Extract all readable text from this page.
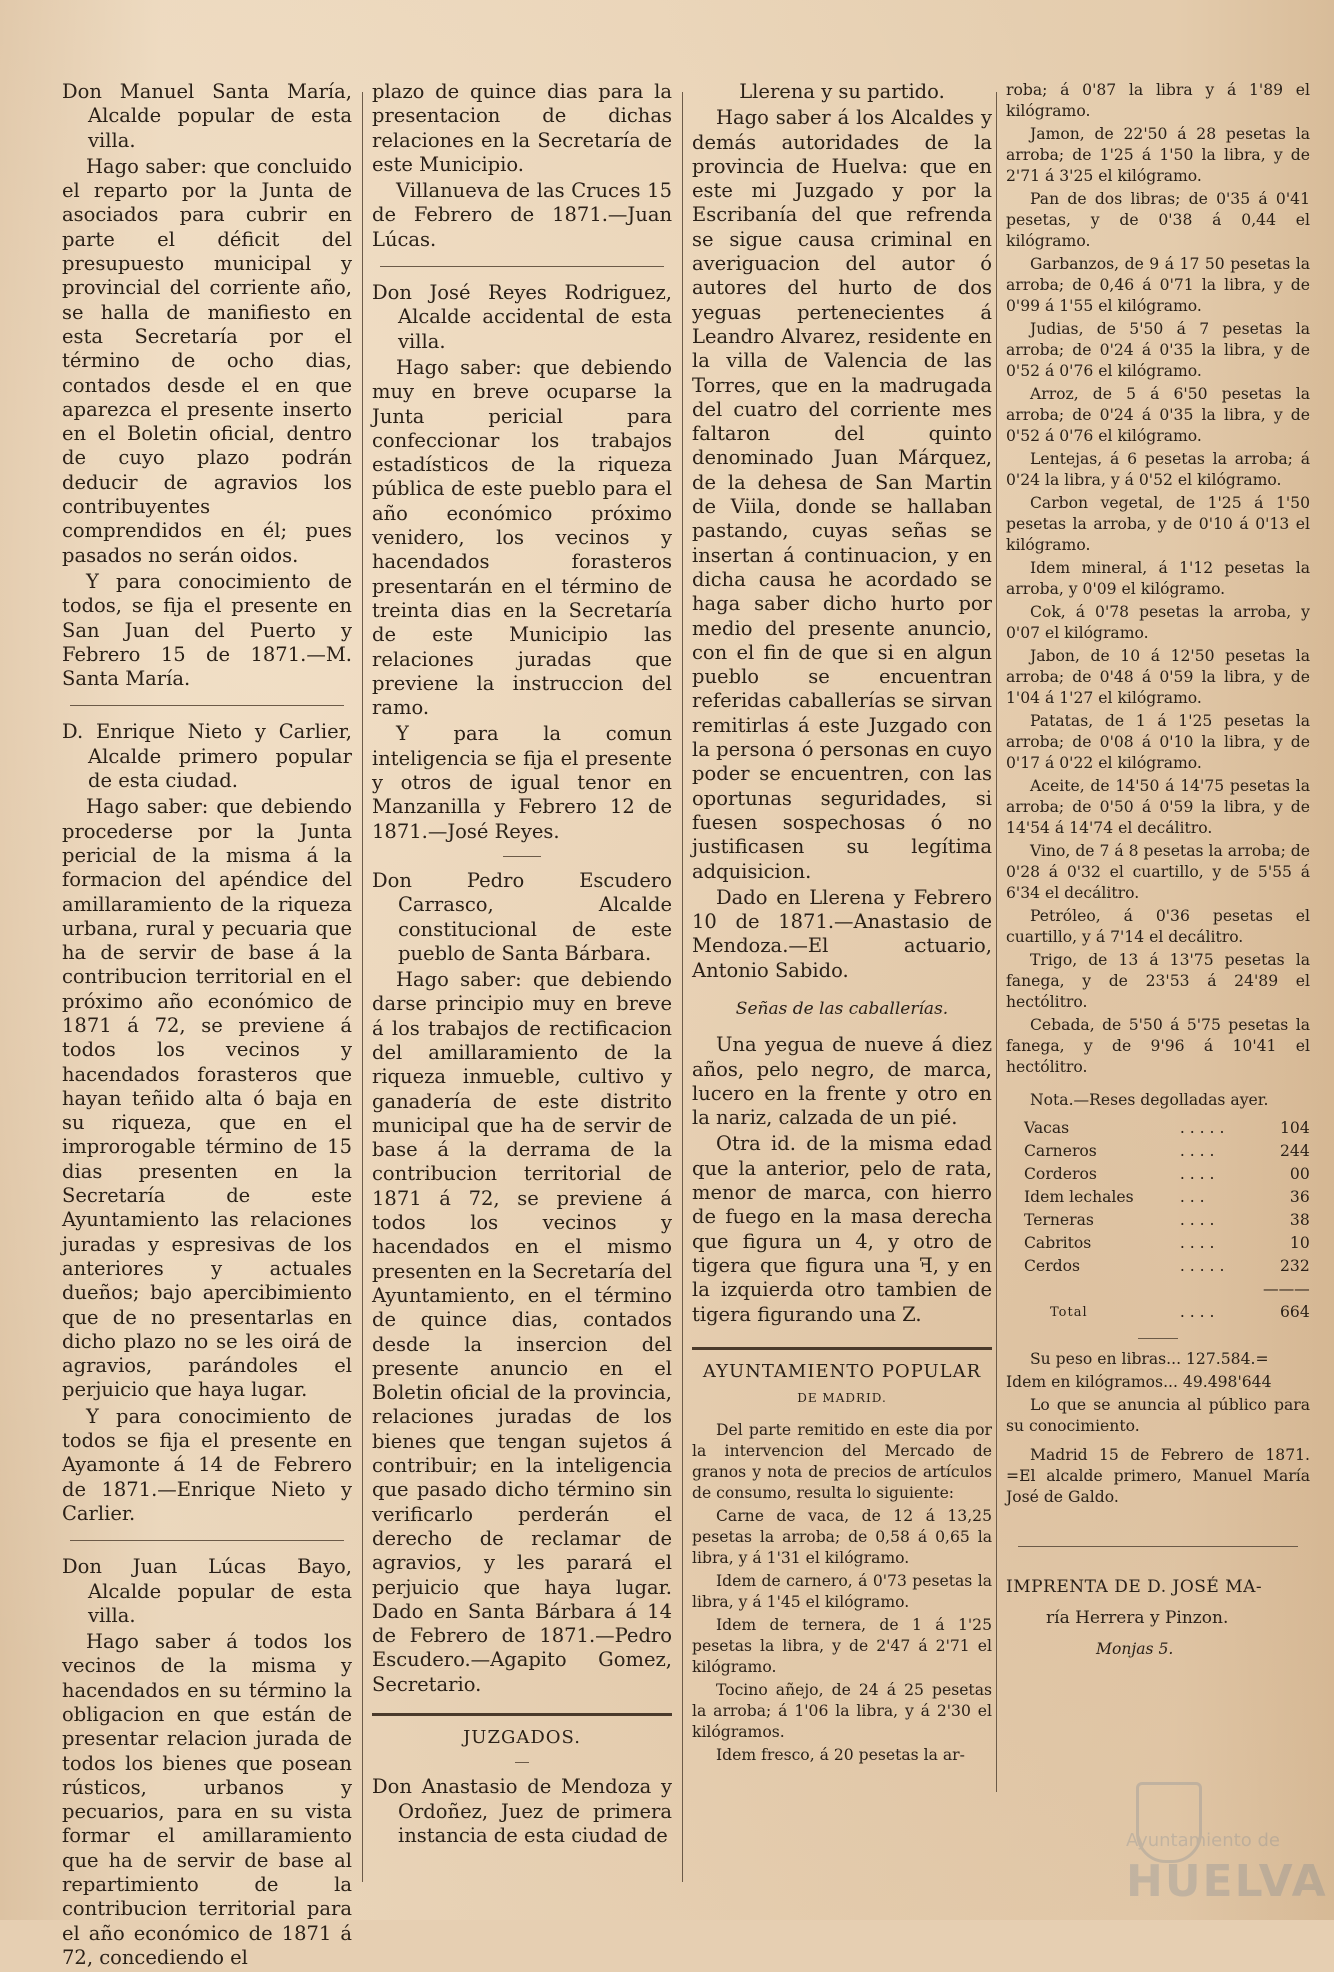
Don Manuel Santa María, Alcalde popular de esta villa.

Hago saber: que concluido el reparto por la Junta de asociados para cubrir en parte el déficit del presupuesto municipal y provincial del corriente año, se halla de manifiesto en esta Secretaría por el término de ocho dias, contados desde el en que aparezca el presente inserto en el Boletin oficial, dentro de cuyo plazo podrán deducir de agravios los contribuyentes comprendidos en él; pues pasados no serán oidos.

Y para conocimiento de todos, se fija el presente en San Juan del Puerto y Febrero 15 de 1871.—M. Santa María.

D. Enrique Nieto y Carlier, Alcalde primero popular de esta ciudad.

Hago saber: que debiendo procederse por la Junta pericial de la misma á la formacion del apéndice del amillaramiento de la riqueza urbana, rural y pecuaria que ha de servir de base á la contribucion territorial en el próximo año económico de 1871 á 72, se previene á todos los vecinos y hacendados forasteros que hayan teñido alta ó baja en su riqueza, que en el improrogable término de 15 dias presenten en la Secretaría de este Ayuntamiento las relaciones juradas y espresivas de los anteriores y actuales dueños; bajo apercibimiento que de no presentarlas en dicho plazo no se les oirá de agravios, parándoles el perjuicio que haya lugar.

Y para conocimiento de todos se fija el presente en Ayamonte á 14 de Febrero de 1871.—Enrique Nieto y Carlier.

Don Juan Lúcas Bayo, Alcalde popular de esta villa.

Hago saber á todos los vecinos de la misma y hacendados en su término la obligacion en que están de presentar relacion jurada de todos los bienes que posean rústicos, urbanos y pecuarios, para en su vista formar el amillaramiento que ha de servir de base al repartimiento de la contribucion territorial para el año económico de 1871 á 72, concediendo el

plazo de quince dias para la presentacion de dichas relaciones en la Secretaría de este Municipio.

Villanueva de las Cruces 15 de Febrero de 1871.—Juan Lúcas.

Don José Reyes Rodriguez, Alcalde accidental de esta villa.

Hago saber: que debiendo muy en breve ocuparse la Junta pericial para confeccionar los trabajos estadísticos de la riqueza pública de este pueblo para el año económico próximo venidero, los vecinos y hacendados forasteros presentarán en el término de treinta dias en la Secretaría de este Municipio las relaciones juradas que previene la instruccion del ramo.

Y para la comun inteligencia se fija el presente y otros de igual tenor en Manzanilla y Febrero 12 de 1871.—José Reyes.

Don Pedro Escudero Carrasco, Alcalde constitucional de este pueblo de Santa Bárbara.

Hago saber: que debiendo darse principio muy en breve á los trabajos de rectificacion del amillaramiento de la riqueza inmueble, cultivo y ganadería de este distrito municipal que ha de servir de base á la derrama de la contribucion territorial de 1871 á 72, se previene á todos los vecinos y hacendados en el mismo presenten en la Secretaría del Ayuntamiento, en el término de quince dias, contados desde la insercion del presente anuncio en el Boletin oficial de la provincia, relaciones juradas de los bienes que tengan sujetos á contribuir; en la inteligencia que pasado dicho término sin verificarlo perderán el derecho de reclamar de agravios, y les parará el perjuicio que haya lugar. Dado en Santa Bárbara á 14 de Febrero de 1871.—Pedro Escudero.—Agapito Gomez, Secretario.

JUZGADOS.

Don Anastasio de Mendoza y Ordoñez, Juez de primera instancia de esta ciudad de

Llerena y su partido.

Hago saber á los Alcaldes y demás autoridades de la provincia de Huelva: que en este mi Juzgado y por la Escribanía del que refrenda se sigue causa criminal en averiguacion del autor ó autores del hurto de dos yeguas pertenecientes á Leandro Alvarez, residente en la villa de Valencia de las Torres, que en la madrugada del cuatro del corriente mes faltaron del quinto denominado Juan Márquez, de la dehesa de San Martin de Viila, donde se hallaban pastando, cuyas señas se insertan á continuacion, y en dicha causa he acordado se haga saber dicho hurto por medio del presente anuncio, con el fin de que si en algun pueblo se encuentran referidas caballerías se sirvan remitirlas á este Juzgado con la persona ó personas en cuyo poder se encuentren, con las oportunas seguridades, si fuesen sospechosas ó no justificasen su legítima adquisicion.

Dado en Llerena y Febrero 10 de 1871.—Anastasio de Mendoza.—El actuario, Antonio Sabido.

Señas de las caballerías.

Una yegua de nueve á diez años, pelo negro, de marca, lucero en la frente y otro en la nariz, calzada de un pié.

Otra id. de la misma edad que la anterior, pelo de rata, menor de marca, con hierro de fuego en la masa derecha que figura un 4, y otro de tigera que figura una ꟻ, y en la izquierda otro tambien de tigera figurando una Z.

AYUNTAMIENTO POPULAR

DE MADRID.

Del parte remitido en este dia por la intervencion del Mercado de granos y nota de precios de artículos de consumo, resulta lo siguiente:

Carne de vaca, de 12 á 13,25 pesetas la arroba; de 0,58 á 0,65 la libra, y á 1'31 el kilógramo.

Idem de carnero, á 0'73 pesetas la libra, y á 1'45 el kilógramo.

Idem de ternera, de 1 á 1'25 pesetas la libra, y de 2'47 á 2'71 el kilógramo.

Tocino añejo, de 24 á 25 pesetas la arroba; á 1'06 la libra, y á 2'30 el kilógramos.

Idem fresco, á 20 pesetas la ar-

roba; á 0'87 la libra y á 1'89 el kilógramo.

Jamon, de 22'50 á 28 pesetas la arroba; de 1'25 á 1'50 la libra, y de 2'71 á 3'25 el kilógramo.

Pan de dos libras; de 0'35 á 0'41 pesetas, y de 0'38 á 0,44 el kilógramo.

Garbanzos, de 9 á 17 50 pesetas la arroba; de 0,46 á 0'71 la libra, y de 0'99 á 1'55 el kilógramo.

Judias, de 5'50 á 7 pesetas la arroba; de 0'24 á 0'35 la libra, y de 0'52 á 0'76 el kilógramo.

Arroz, de 5 á 6'50 pesetas la arroba; de 0'24 á 0'35 la libra, y de 0'52 á 0'76 el kilógramo.

Lentejas, á 6 pesetas la arroba; á 0'24 la libra, y á 0'52 el kilógramo.

Carbon vegetal, de 1'25 á 1'50 pesetas la arroba, y de 0'10 á 0'13 el kilógramo.

Idem mineral, á 1'12 pesetas la arroba, y 0'09 el kilógramo.

Cok, á 0'78 pesetas la arroba, y 0'07 el kilógramo.

Jabon, de 10 á 12'50 pesetas la arroba; de 0'48 á 0'59 la libra, y de 1'04 á 1'27 el kilógramo.

Patatas, de 1 á 1'25 pesetas la arroba; de 0'08 á 0'10 la libra, y de 0'17 á 0'22 el kilógramo.

Aceite, de 14'50 á 14'75 pesetas la arroba; de 0'50 á 0'59 la libra, y de 14'54 á 14'74 el decálitro.

Vino, de 7 á 8 pesetas la arroba; de 0'28 á 0'32 el cuartillo, y de 5'55 á 6'34 el decálitro.

Petróleo, á 0'36 pesetas el cuartillo, y á 7'14 el decálitro.

Trigo, de 13 á 13'75 pesetas la fanega, y de 23'53 á 24'89 el hectólitro.

Cebada, de 5'50 á 5'75 pesetas la fanega, y de 9'96 á 10'41 el hectólitro.

Nota.—Reses degolladas ayer.

Vacas	. . . . .	104
Carneros	. . . .	244
Corderos	. . . .	00
Idem lechales	. . .	36
Terneras	. . . .	38
Cabritos	. . . .	10
Cerdos	. . . . .	232
		———
Total	. . . .	664

Su peso en libras... 127.584.=

Idem en kilógramos... 49.498'644

Lo que se anuncia al público para su conocimiento.

Madrid 15 de Febrero de 1871. =El alcalde primero, Manuel María José de Galdo.

IMPRENTA DE D. JOSÉ MA-

ría Herrera y Pinzon.

Monjas 5.

Ayuntamiento de
HUELVA
